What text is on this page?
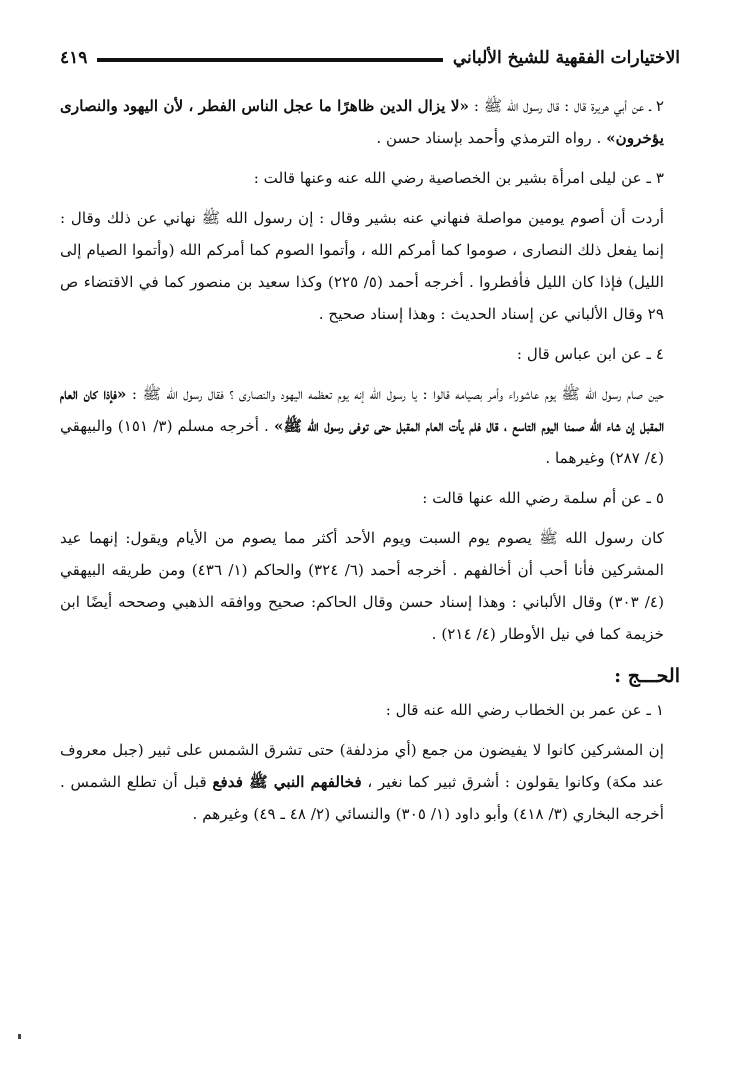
الاختيارات الفقهية للشيخ الألباني
٤١٩

٢ ـ عن أبي هريرة قال : قال رسول الله ﷺ : «لا يزال الدين ظاهرًا ما عجل الناس الفطر ، لأن اليهود والنصارى يؤخرون» . رواه الترمذي وأحمد بإسناد حسن .

٣ ـ عن ليلى امرأة بشير بن الخصاصية رضي الله عنه وعنها قالت :

أردت أن أصوم يومين مواصلة فنهاني عنه بشير وقال : إن رسول الله ﷺ نهاني عن ذلك وقال : إنما يفعل ذلك النصارى ، صوموا كما أمركم الله ، وأتموا الصوم كما أمركم الله (وأتموا الصيام إلى الليل) فإذا كان الليل فأفطروا . أخرجه أحمد (٥/ ٢٢٥) وكذا سعيد بن منصور كما في الاقتضاء ص ٢٩ وقال الألباني عن إسناد الحديث : وهذا إسناد صحيح .

٤ ـ عن ابن عباس قال :

حين صام رسول الله ﷺ يوم عاشوراء وأمر بصيامه قالوا : يا رسول الله إنه يوم تعظمه اليهود والنصارى ؟ فقال رسول الله ﷺ : «فإذا كان العام المقبل إن شاء الله صمنا اليوم التاسع ، قال فلم يأت العام المقبل حتى توفى رسول الله ﷺ» . أخرجه مسلم (٣/ ١٥١) والبيهقي (٤/ ٢٨٧) وغيرهما .

٥ ـ عن أم سلمة رضي الله عنها قالت :

كان رسول الله ﷺ يصوم يوم السبت ويوم الأحد أكثر مما يصوم من الأيام ويقول: إنهما عيد المشركين فأنا أحب أن أخالفهم . أخرجه أحمد (٦/ ٣٢٤) والحاكم (١/ ٤٣٦) ومن طريقه البيهقي (٤/ ٣٠٣) وقال الألباني : وهذا إسناد حسن وقال الحاكم: صحيح ووافقه الذهبي وصححه أيضًا ابن خزيمة كما في نيل الأوطار (٤/ ٢١٤) .

الحـــج :

١ ـ عن عمر بن الخطاب رضي الله عنه قال :

إن المشركين كانوا لا يفيضون من جمع (أي مزدلفة) حتى تشرق الشمس على ثبير (جبل معروف عند مكة) وكانوا يقولون : أشرق ثبير كما نغير ، فخالفهم النبي ﷺ فدفع قبل أن تطلع الشمس . أخرجه البخاري (٣/ ٤١٨) وأبو داود (١/ ٣٠٥) والنسائي (٢/ ٤٨ ـ ٤٩) وغيرهم .
